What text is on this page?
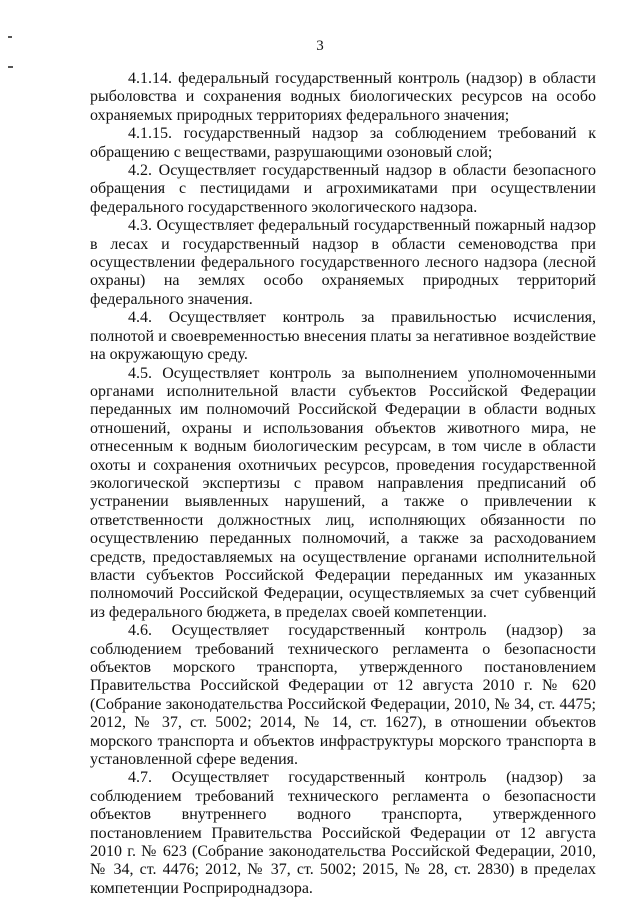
3

4.1.14. федеральный государственный контроль (надзор) в области рыболовства и сохранения водных биологических ресурсов на особо охраняемых природных территориях федерального значения;

4.1.15. государственный надзор за соблюдением требований к обращению с веществами, разрушающими озоновый слой;

4.2. Осуществляет государственный надзор в области безопасного обращения с пестицидами и агрохимикатами при осуществлении федерального государственного экологического надзора.

4.3. Осуществляет федеральный государственный пожарный надзор в лесах и государственный надзор в области семеноводства при осуществлении федерального государственного лесного надзора (лесной охраны) на землях особо охраняемых природных территорий федерального значения.

4.4. Осуществляет контроль за правильностью исчисления, полнотой и своевременностью внесения платы за негативное воздействие на окружающую среду.

4.5. Осуществляет контроль за выполнением уполномоченными органами исполнительной власти субъектов Российской Федерации переданных им полномочий Российской Федерации в области водных отношений, охраны и использования объектов животного мира, не отнесенным к водным биологическим ресурсам, в том числе в области охоты и сохранения охотничьих ресурсов, проведения государственной экологической экспертизы с правом направления предписаний об устранении выявленных нарушений, а также о привлечении к ответственности должностных лиц, исполняющих обязанности по осуществлению переданных полномочий, а также за расходованием средств, предоставляемых на осуществление органами исполнительной власти субъектов Российской Федерации переданных им указанных полномочий Российской Федерации, осуществляемых за счет субвенций из федерального бюджета, в пределах своей компетенции.

4.6. Осуществляет государственный контроль (надзор) за соблюдением требований технического регламента о безопасности объектов морского транспорта, утвержденного постановлением Правительства Российской Федерации от 12 августа 2010 г. № 620 (Собрание законодательства Российской Федерации, 2010, № 34, ст. 4475; 2012, № 37, ст. 5002; 2014, № 14, ст. 1627), в отношении объектов морского транспорта и объектов инфраструктуры морского транспорта в установленной сфере ведения.

4.7. Осуществляет государственный контроль (надзор) за соблюдением требований технического регламента о безопасности объектов внутреннего водного транспорта, утвержденного постановлением Правительства Российской Федерации от 12 августа 2010 г. № 623 (Собрание законодательства Российской Федерации, 2010, № 34, ст. 4476; 2012, № 37, ст. 5002; 2015, № 28, ст. 2830) в пределах компетенции Росприроднадзора.
